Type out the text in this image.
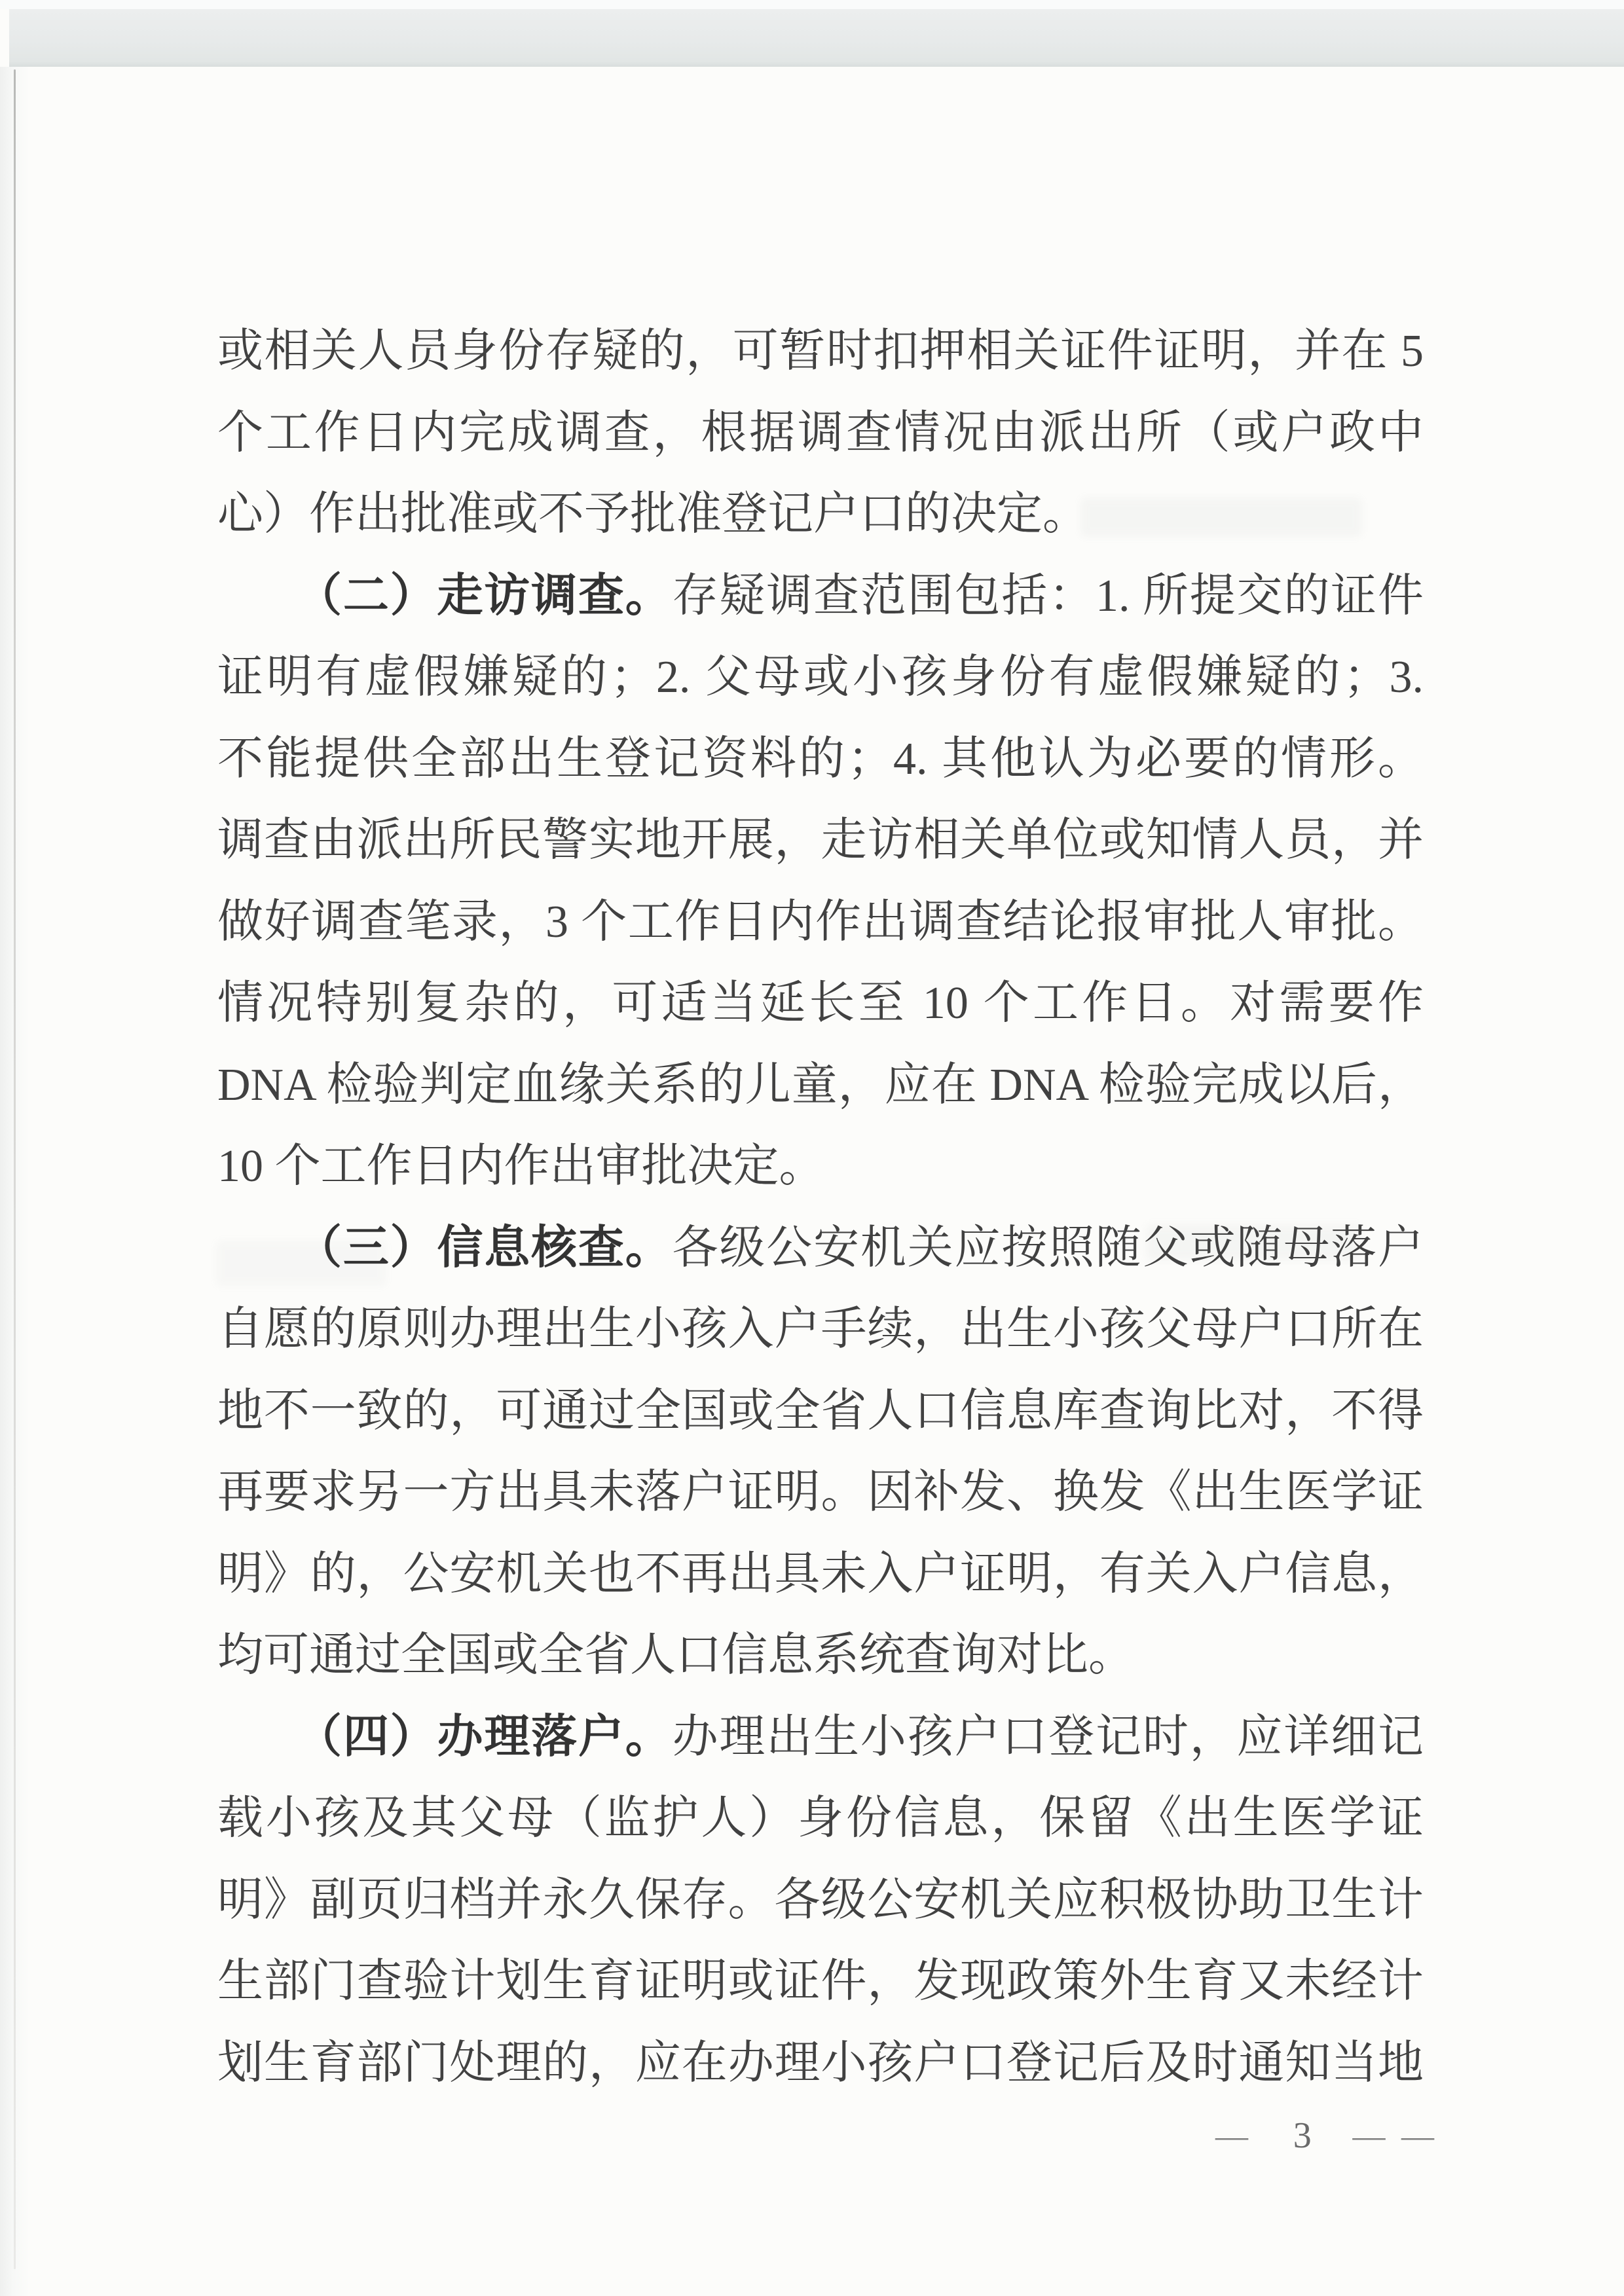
或相关人员身份存疑的，可暂时扣押相关证件证明，并在 5
个工作日内完成调查，根据调查情况由派出所（或户政中
心）作出批准或不予批准登记户口的决定。
（二）走访调查。存疑调查范围包括：1. 所提交的证件
证明有虚假嫌疑的；2. 父母或小孩身份有虚假嫌疑的；3.
不能提供全部出生登记资料的；4. 其他认为必要的情形。
调查由派出所民警实地开展，走访相关单位或知情人员，并
做好调查笔录，3 个工作日内作出调查结论报审批人审批。
情况特别复杂的，可适当延长至 10 个工作日。对需要作
DNA 检验判定血缘关系的儿童，应在 DNA 检验完成以后，
10 个工作日内作出审批决定。
（三）信息核查。各级公安机关应按照随父或随母落户
自愿的原则办理出生小孩入户手续，出生小孩父母户口所在
地不一致的，可通过全国或全省人口信息库查询比对，不得
再要求另一方出具未落户证明。因补发、换发《出生医学证
明》的，公安机关也不再出具未入户证明，有关入户信息，
均可通过全国或全省人口信息系统查询对比。
（四）办理落户。办理出生小孩户口登记时，应详细记
载小孩及其父母（监护人）身份信息，保留《出生医学证
明》副页归档并永久保存。各级公安机关应积极协助卫生计
生部门查验计划生育证明或证件，发现政策外生育又未经计
划生育部门处理的，应在办理小孩户口登记后及时通知当地
— 3 — —
